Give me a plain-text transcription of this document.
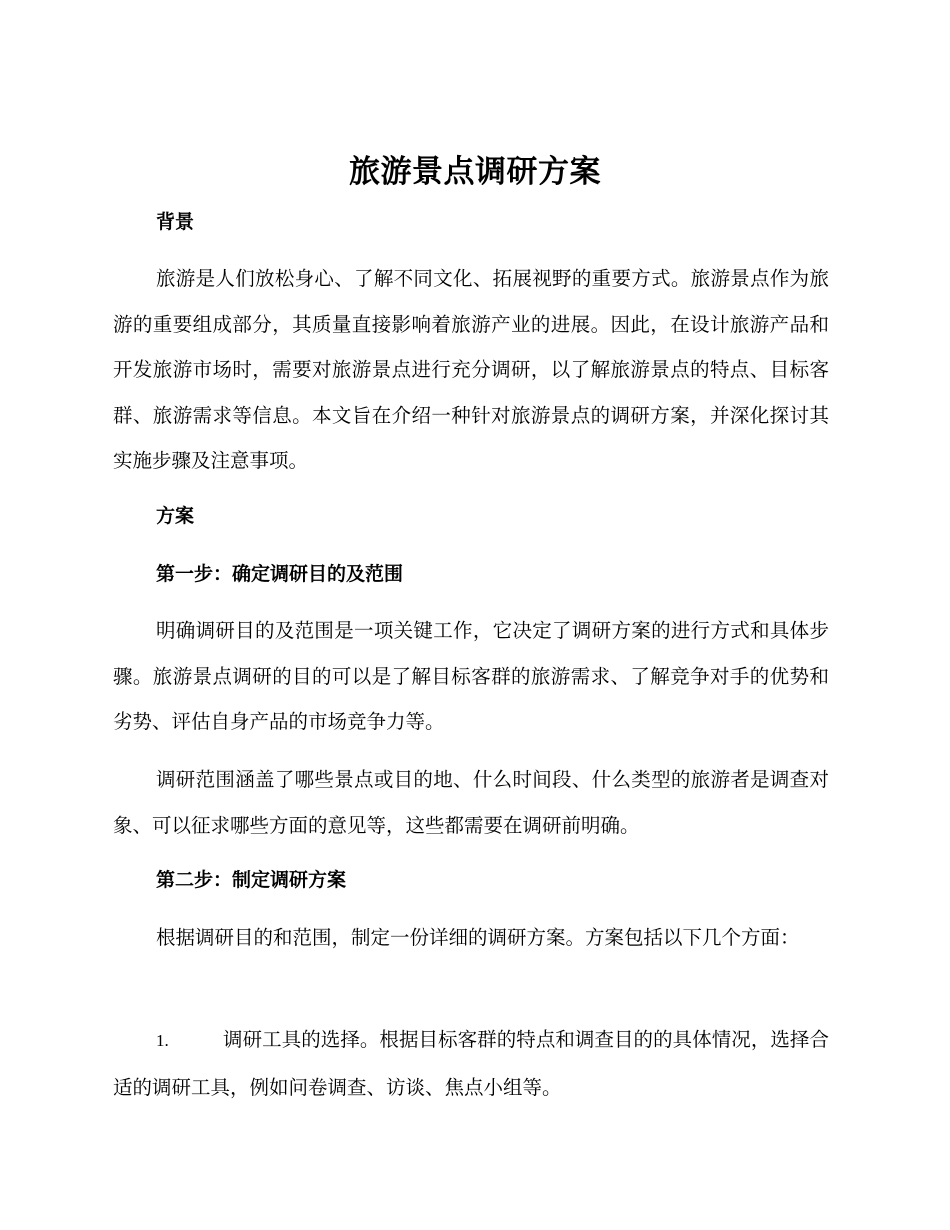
旅游景点调研方案
背景
旅游是人们放松身心、了解不同文化、拓展视野的重要方式。旅游景点作为旅游的重要组成部分，其质量直接影响着旅游产业的进展。因此，在设计旅游产品和开发旅游市场时，需要对旅游景点进行充分调研，以了解旅游景点的特点、目标客群、旅游需求等信息。本文旨在介绍一种针对旅游景点的调研方案，并深化探讨其实施步骤及注意事项。
方案
第一步：确定调研目的及范围
明确调研目的及范围是一项关键工作，它决定了调研方案的进行方式和具体步骤。旅游景点调研的目的可以是了解目标客群的旅游需求、了解竞争对手的优势和劣势、评估自身产品的市场竞争力等。
调研范围涵盖了哪些景点或目的地、什么时间段、什么类型的旅游者是调查对象、可以征求哪些方面的意见等，这些都需要在调研前明确。
第二步：制定调研方案
根据调研目的和范围，制定一份详细的调研方案。方案包括以下几个方面：
1.	调研工具的选择。根据目标客群的特点和调查目的的具体情况，选择合适的调研工具，例如问卷调查、访谈、焦点小组等。
